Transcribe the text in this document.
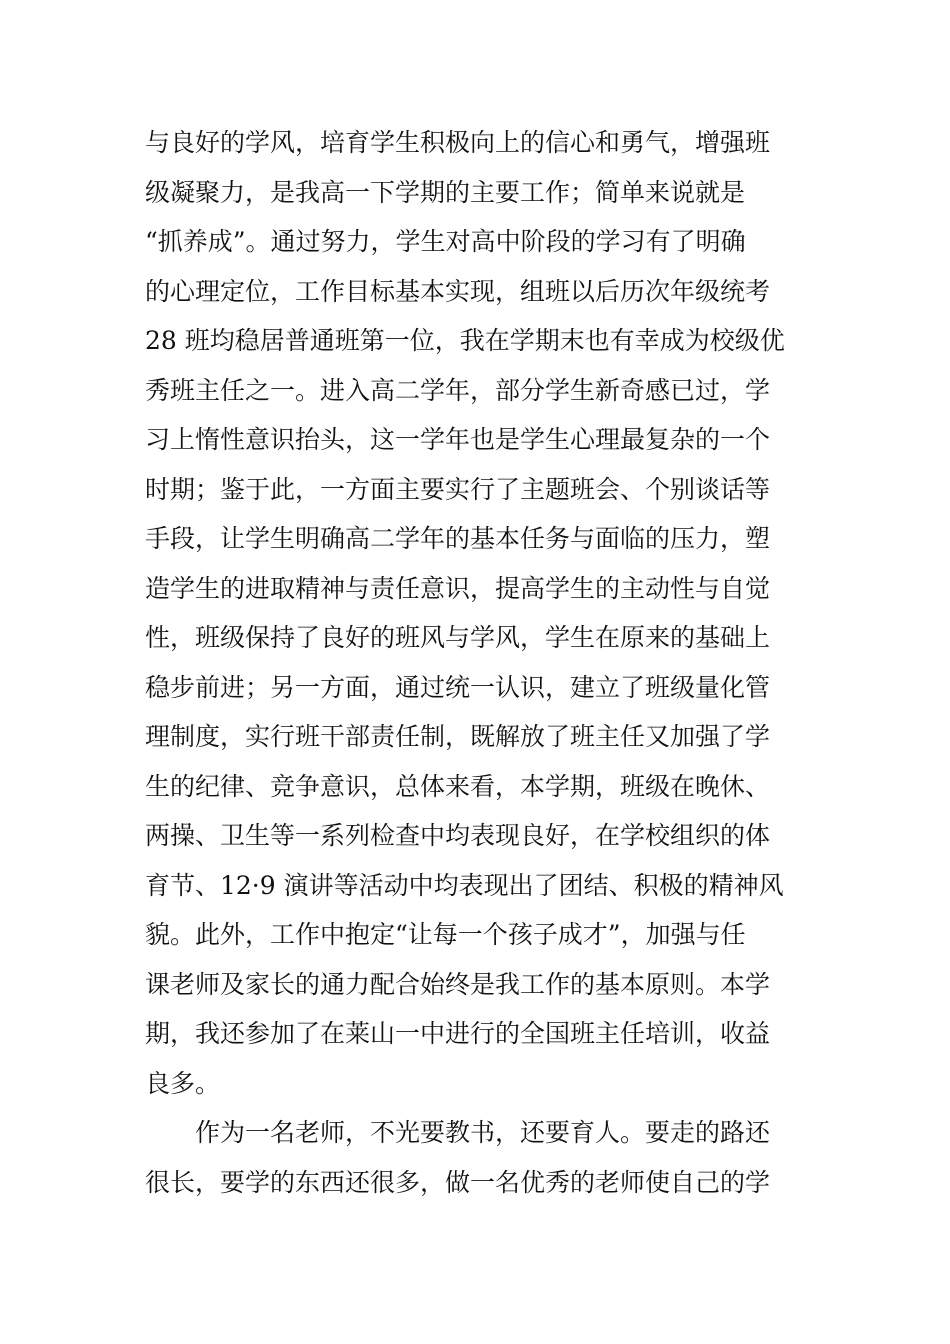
与良好的学风，培育学生积极向上的信心和勇气，增强班
级凝聚力，是我高一下学期的主要工作；简单来说就是
“抓养成”。通过努力，学生对高中阶段的学习有了明确
的心理定位，工作目标基本实现，组班以后历次年级统考
28 班均稳居普通班第一位，我在学期末也有幸成为校级优
秀班主任之一。进入高二学年，部分学生新奇感已过，学
习上惰性意识抬头，这一学年也是学生心理最复杂的一个
时期；鉴于此，一方面主要实行了主题班会、个别谈话等
手段，让学生明确高二学年的基本任务与面临的压力，塑
造学生的进取精神与责任意识，提高学生的主动性与自觉
性，班级保持了良好的班风与学风，学生在原来的基础上
稳步前进；另一方面，通过统一认识，建立了班级量化管
理制度，实行班干部责任制，既解放了班主任又加强了学
生的纪律、竞争意识，总体来看，本学期，班级在晚休、
两操、卫生等一系列检查中均表现良好，在学校组织的体
育节、12·9 演讲等活动中均表现出了团结、积极的精神风
貌。此外，工作中抱定“让每一个孩子成才”，加强与任
课老师及家长的通力配合始终是我工作的基本原则。本学
期，我还参加了在莱山一中进行的全国班主任培训，收益
良多。
作为一名老师，不光要教书，还要育人。要走的路还
很长，要学的东西还很多，做一名优秀的老师使自己的学
